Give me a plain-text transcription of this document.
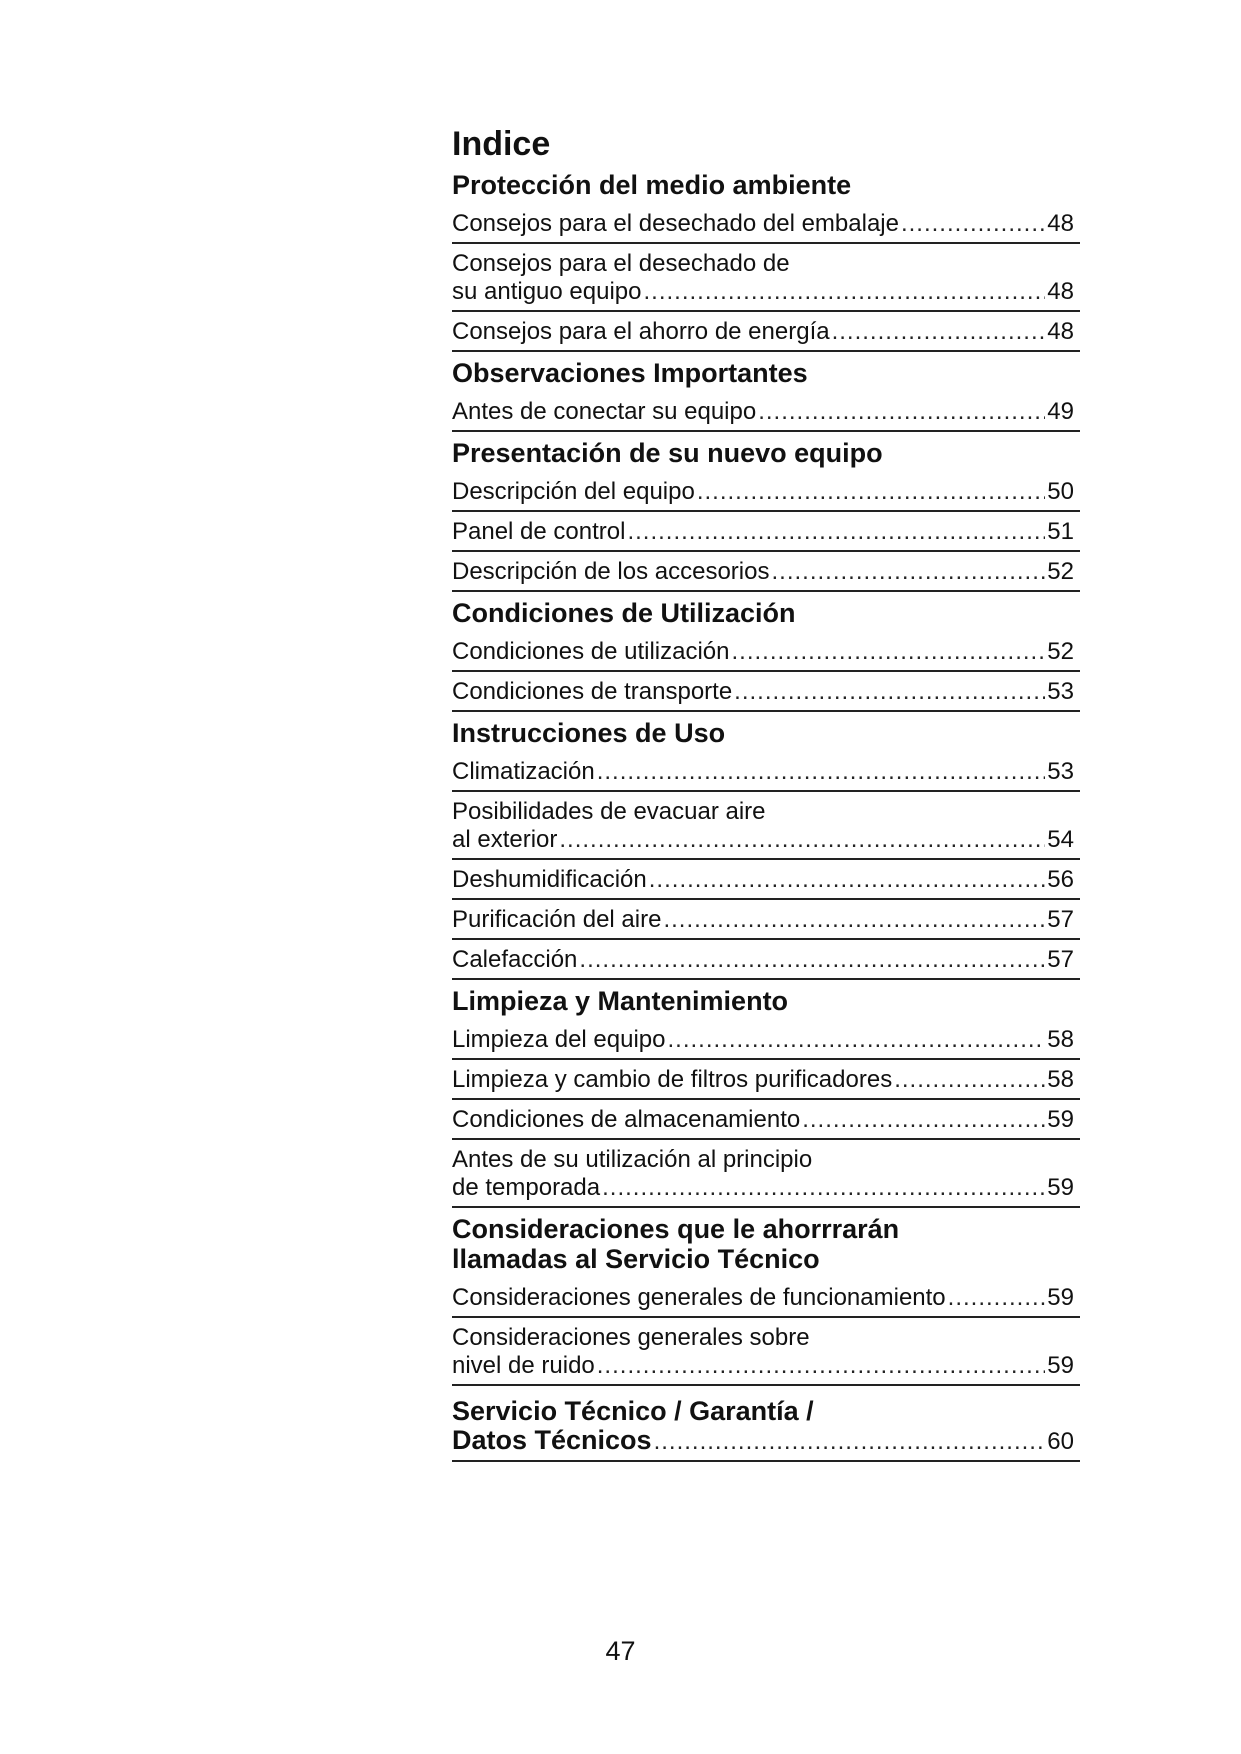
Indice
Protección del medio ambiente
Consejos para el desechado del embalaje .....	48
Consejos para el desechado de
su antiguo equipo .....	48
Consejos para el ahorro de energía .....	48
Observaciones Importantes
Antes de conectar su equipo .....	49
Presentación de su nuevo equipo
Descripción del equipo .....	50
Panel de control .....	51
Descripción de los accesorios .....	52
Condiciones de Utilización
Condiciones de utilización .....	52
Condiciones de transporte .....	53
Instrucciones de Uso
Climatización .....	53
Posibilidades de evacuar aire
al exterior .....	54
Deshumidificación .....	56
Purificación del aire .....	57
Calefacción .....	57
Limpieza y Mantenimiento
Limpieza del equipo .....	58
Limpieza y cambio de filtros purificadores .....	58
Condiciones de almacenamiento .....	59
Antes de su utilización al principio
de temporada .....	59
Consideraciones que le ahorrrarán llamadas al Servicio Técnico
Consideraciones generales de funcionamiento .....	59
Consideraciones generales sobre
nivel de ruido .....	59
Servicio Técnico / Garantía /
Datos Técnicos .....	60
47
